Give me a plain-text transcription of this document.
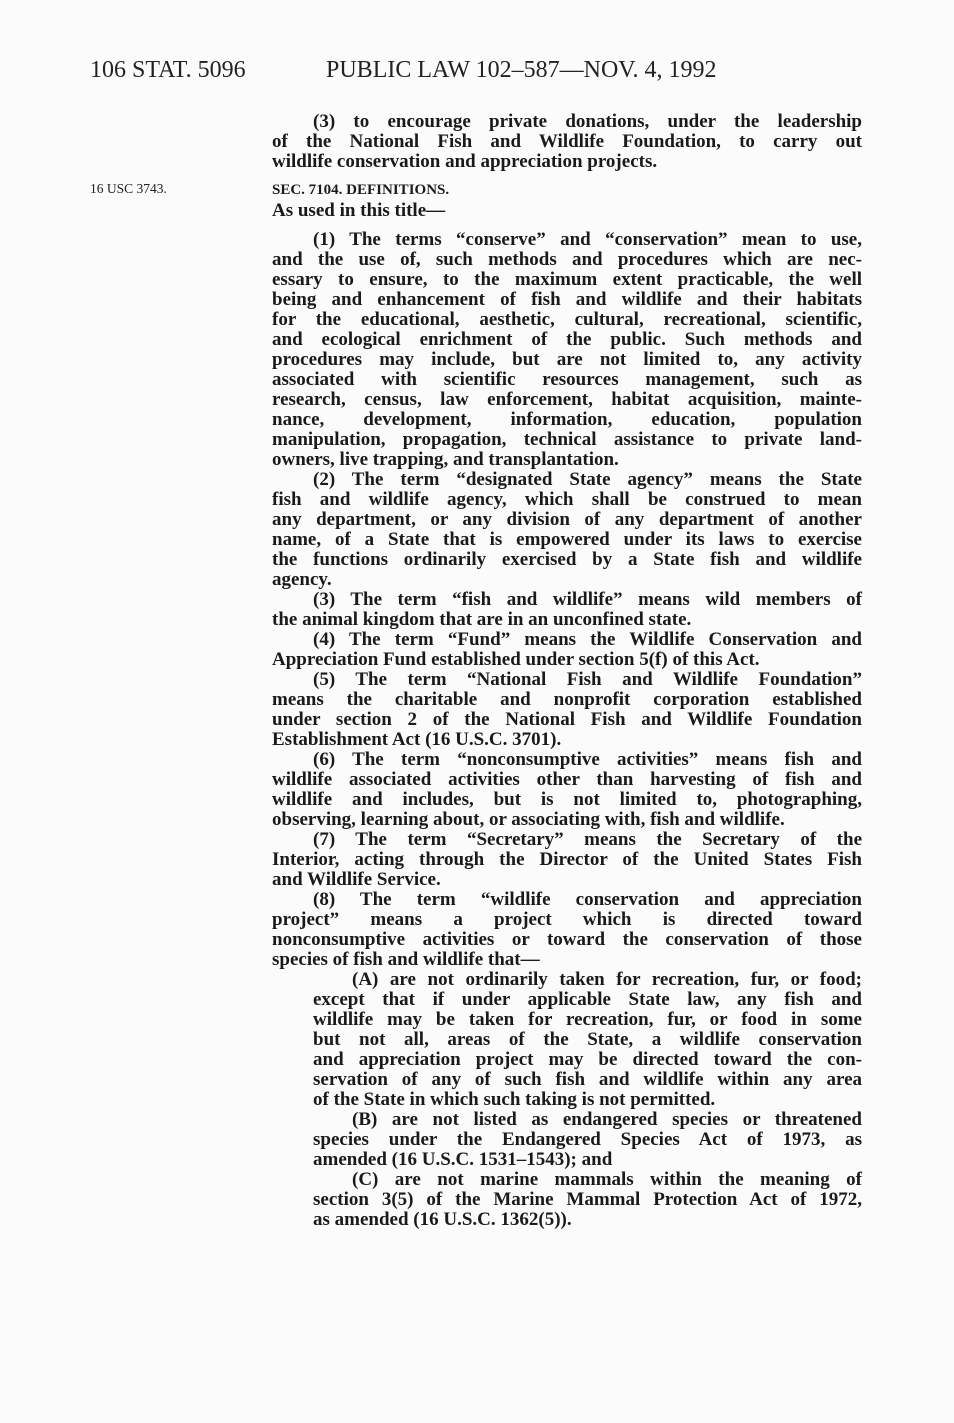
106 STAT. 5096	PUBLIC LAW 102–587—NOV. 4, 1992
16 USC 3743.	SEC. 7104. DEFINITIONS.
As used in this title—
(3) to encourage private donations, under the leadership
of the National Fish and Wildlife Foundation, to carry out
wildlife conservation and appreciation projects.
(1) The terms “conserve” and “conservation” mean to use,
and the use of, such methods and procedures which are nec-
essary to ensure, to the maximum extent practicable, the well
being and enhancement of fish and wildlife and their habitats
for the educational, aesthetic, cultural, recreational, scientific,
and ecological enrichment of the public. Such methods and
procedures may include, but are not limited to, any activity
associated with scientific resources management, such as
research, census, law enforcement, habitat acquisition, mainte-
nance, development, information, education, population
manipulation, propagation, technical assistance to private land-
owners, live trapping, and transplantation.
(2) The term “designated State agency” means the State
fish and wildlife agency, which shall be construed to mean
any department, or any division of any department of another
name, of a State that is empowered under its laws to exercise
the functions ordinarily exercised by a State fish and wildlife
agency.
(3) The term “fish and wildlife” means wild members of
the animal kingdom that are in an unconfined state.
(4) The term “Fund” means the Wildlife Conservation and
Appreciation Fund established under section 5(f) of this Act.
(5) The term “National Fish and Wildlife Foundation”
means the charitable and nonprofit corporation established
under section 2 of the National Fish and Wildlife Foundation
Establishment Act (16 U.S.C. 3701).
(6) The term “nonconsumptive activities” means fish and
wildlife associated activities other than harvesting of fish and
wildlife and includes, but is not limited to, photographing,
observing, learning about, or associating with, fish and wildlife.
(7) The term “Secretary” means the Secretary of the
Interior, acting through the Director of the United States Fish
and Wildlife Service.
(8) The term “wildlife conservation and appreciation
project” means a project which is directed toward
nonconsumptive activities or toward the conservation of those
species of fish and wildlife that—
(A) are not ordinarily taken for recreation, fur, or food;
except that if under applicable State law, any fish and
wildlife may be taken for recreation, fur, or food in some
but not all, areas of the State, a wildlife conservation
and appreciation project may be directed toward the con-
servation of any of such fish and wildlife within any area
of the State in which such taking is not permitted.
(B) are not listed as endangered species or threatened
species under the Endangered Species Act of 1973, as
amended (16 U.S.C. 1531–1543); and
(C) are not marine mammals within the meaning of
section 3(5) of the Marine Mammal Protection Act of 1972,
as amended (16 U.S.C. 1362(5)).
